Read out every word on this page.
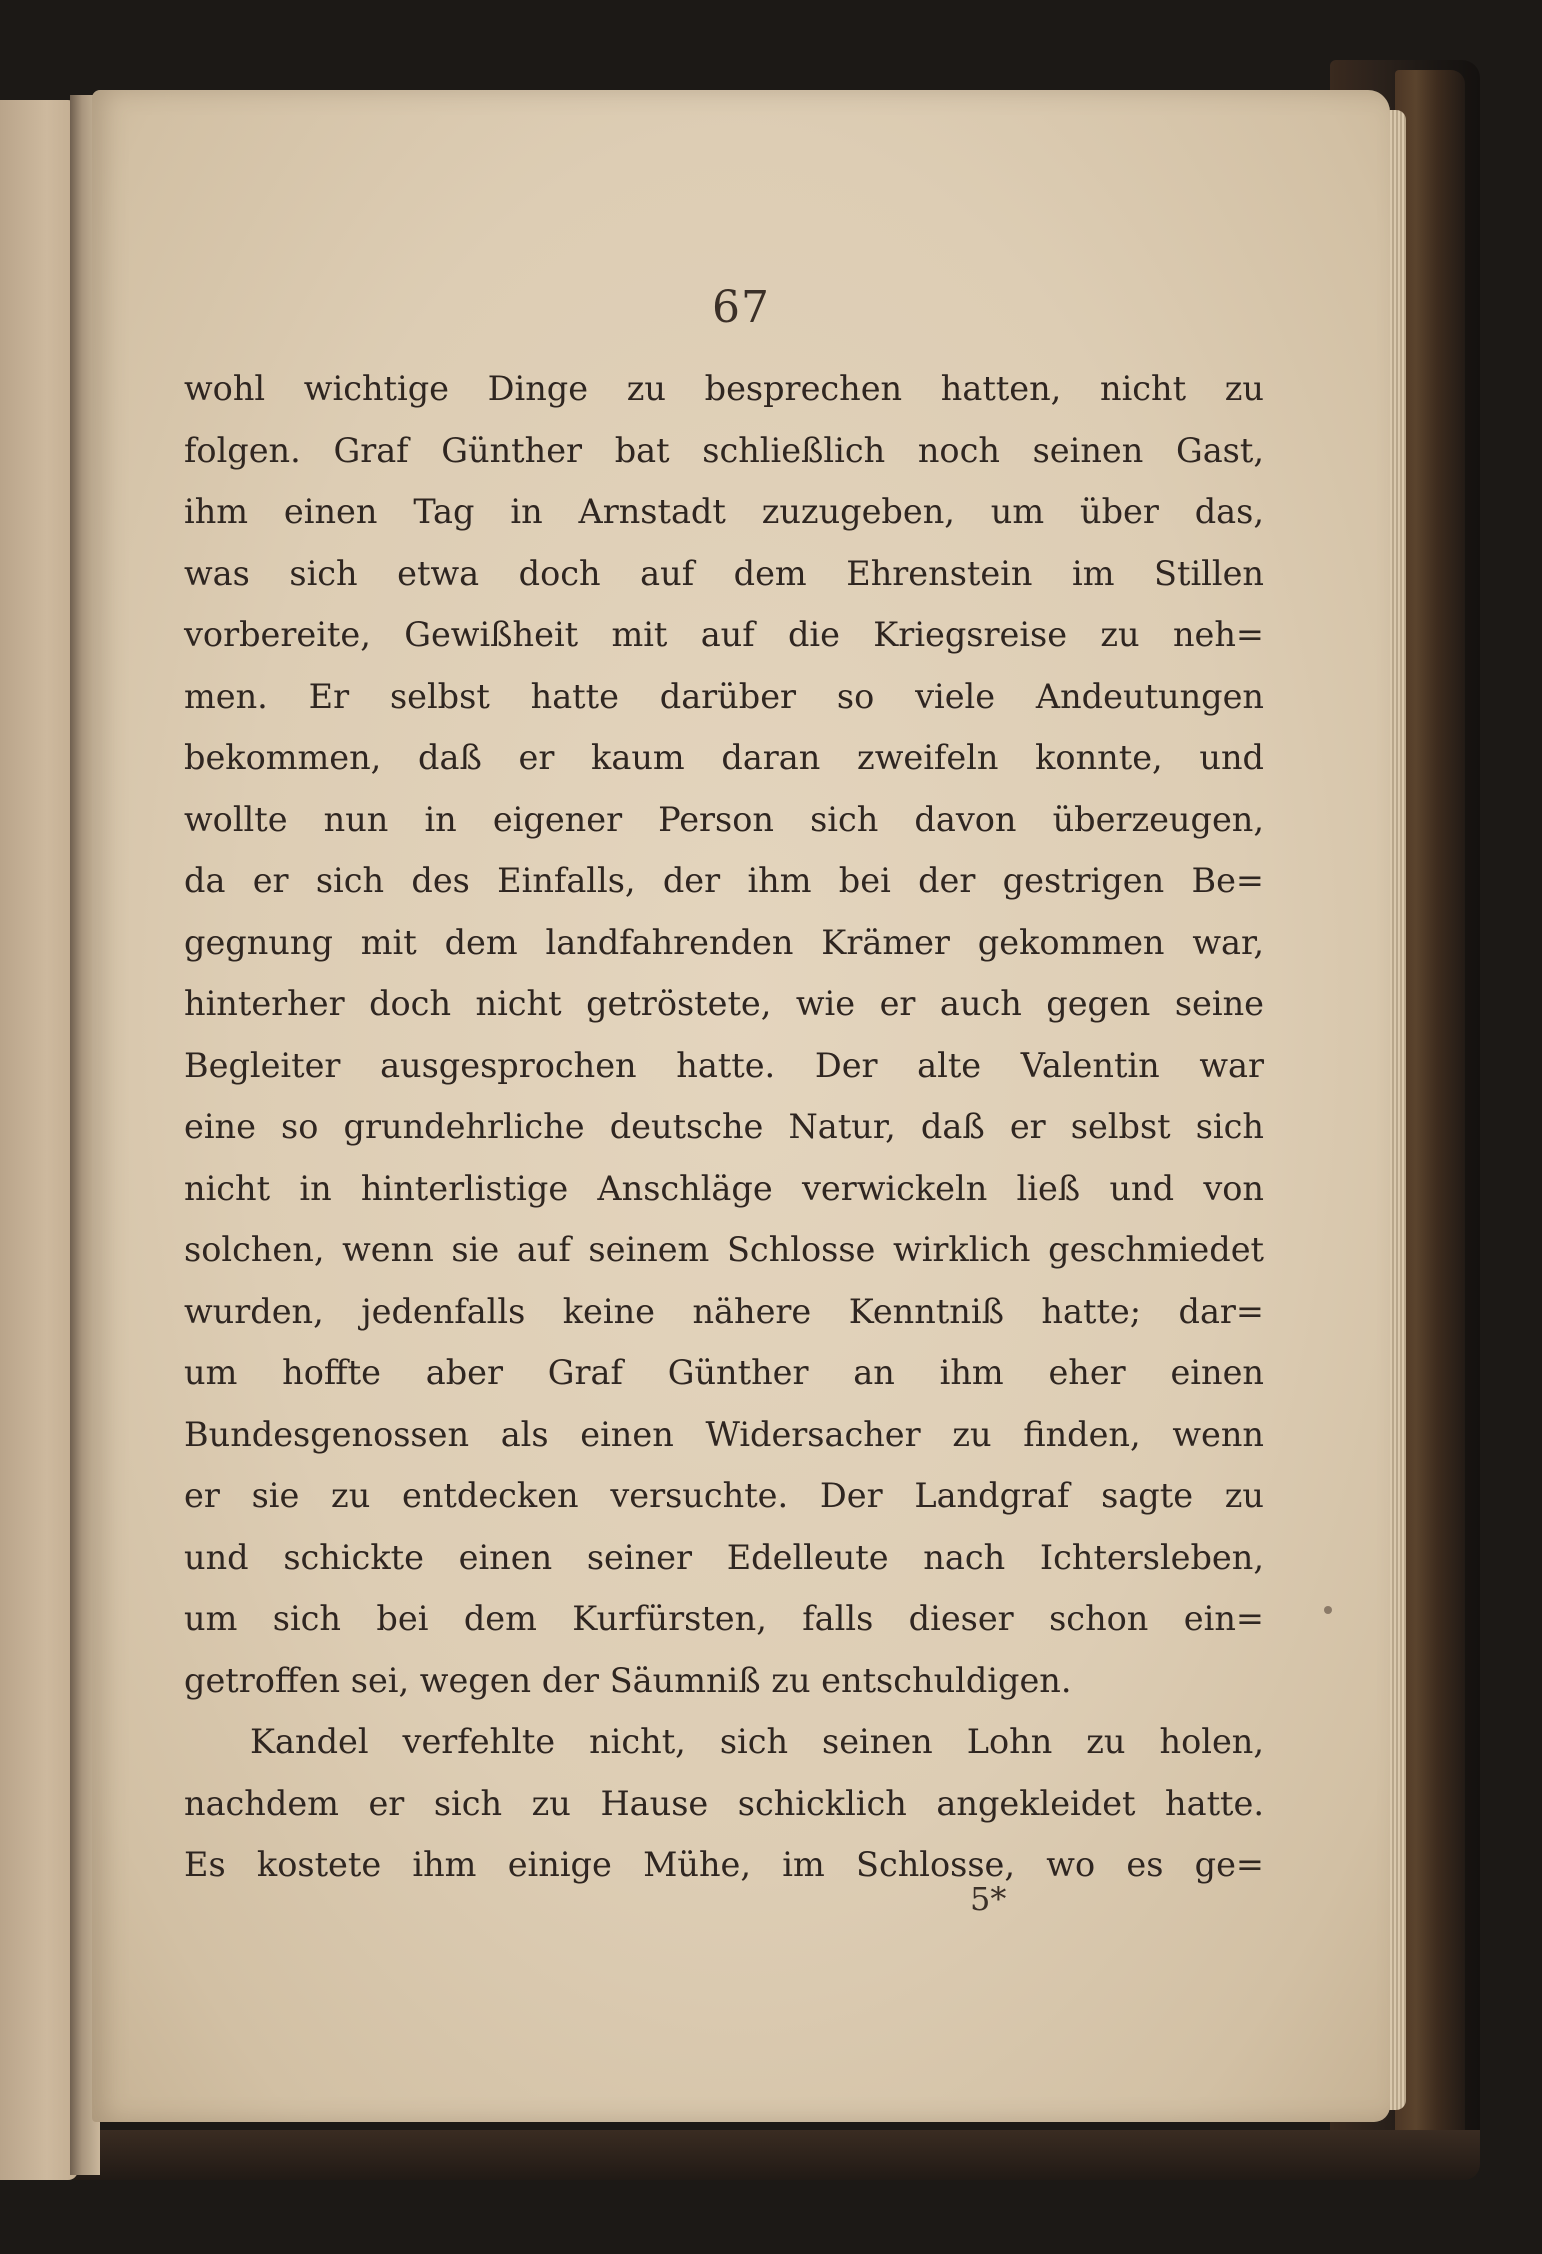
67
wohl wichtige Dinge zu besprechen hatten, nicht zu
folgen. Graf Günther bat schließlich noch seinen Gast,
ihm einen Tag in Arnstadt zuzugeben, um über das,
was sich etwa doch auf dem Ehrenstein im Stillen
vorbereite, Gewißheit mit auf die Kriegsreise zu neh=
men. Er selbst hatte darüber so viele Andeutungen
bekommen, daß er kaum daran zweifeln konnte, und
wollte nun in eigener Person sich davon überzeugen,
da er sich des Einfalls, der ihm bei der gestrigen Be=
gegnung mit dem landfahrenden Krämer gekommen war,
hinterher doch nicht getröstete, wie er auch gegen seine
Begleiter ausgesprochen hatte. Der alte Valentin war
eine so grundehrliche deutsche Natur, daß er selbst sich
nicht in hinterlistige Anschläge verwickeln ließ und von
solchen, wenn sie auf seinem Schlosse wirklich geschmiedet
wurden, jedenfalls keine nähere Kenntniß hatte; dar=
um hoffte aber Graf Günther an ihm eher einen
Bundesgenossen als einen Widersacher zu finden, wenn
er sie zu entdecken versuchte. Der Landgraf sagte zu
und schickte einen seiner Edelleute nach Ichtersleben,
um sich bei dem Kurfürsten, falls dieser schon ein=
getroffen sei, wegen der Säumniß zu entschuldigen.
Kandel verfehlte nicht, sich seinen Lohn zu holen,
nachdem er sich zu Hause schicklich angekleidet hatte.
Es kostete ihm einige Mühe, im Schlosse, wo es ge=
5*
